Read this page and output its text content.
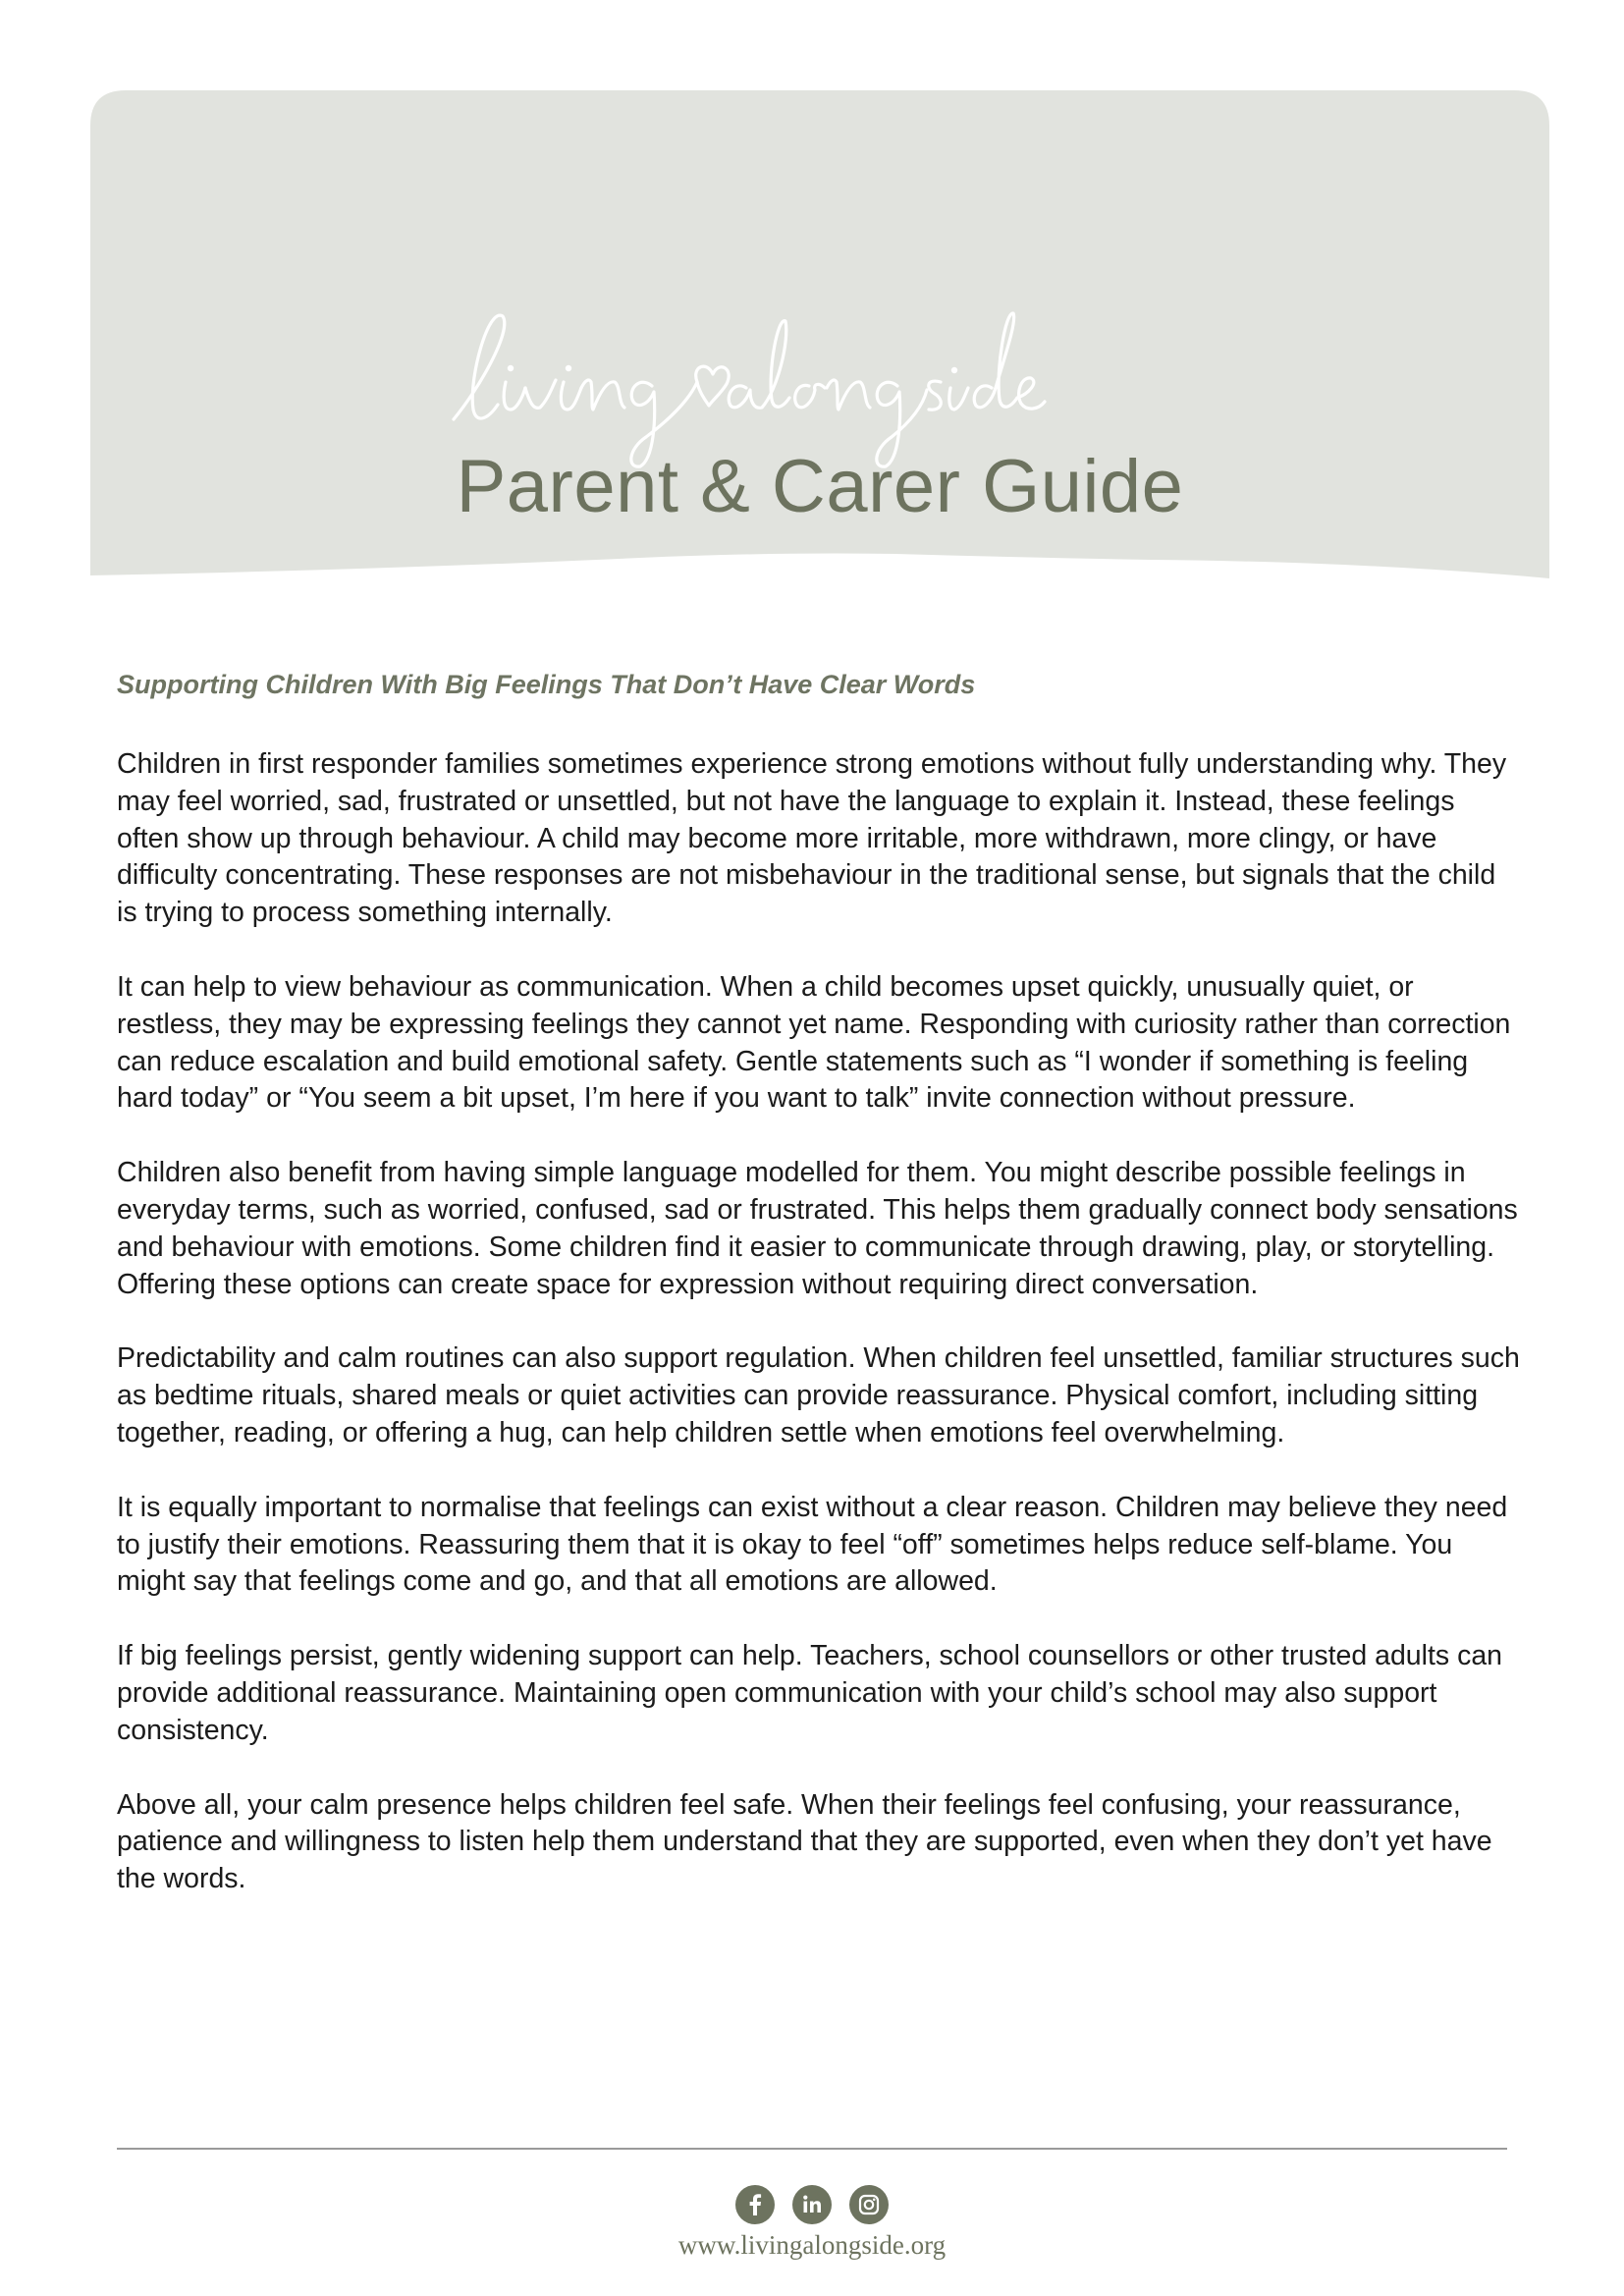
Parent & Carer Guide

Supporting Children With Big Feelings That Don’t Have Clear Words

Children in first responder families sometimes experience strong emotions without fully understanding why. They may feel worried, sad, frustrated or unsettled, but not have the language to explain it. Instead, these feelings often show up through behaviour. A child may become more irritable, more withdrawn, more clingy, or have difficulty concentrating. These responses are not misbehaviour in the traditional sense, but signals that the child is trying to process something internally.

It can help to view behaviour as communication. When a child becomes upset quickly, unusually quiet, or restless, they may be expressing feelings they cannot yet name. Responding with curiosity rather than correction can reduce escalation and build emotional safety. Gentle statements such as “I wonder if something is feeling hard today” or “You seem a bit upset, I’m here if you want to talk” invite connection without pressure.

Children also benefit from having simple language modelled for them. You might describe possible feelings in everyday terms, such as worried, confused, sad or frustrated. This helps them gradually connect body sensations and behaviour with emotions. Some children find it easier to communicate through drawing, play, or storytelling. Offering these options can create space for expression without requiring direct conversation.

Predictability and calm routines can also support regulation. When children feel unsettled, familiar structures such as bedtime rituals, shared meals or quiet activities can provide reassurance. Physical comfort, including sitting together, reading, or offering a hug, can help children settle when emotions feel overwhelming.

It is equally important to normalise that feelings can exist without a clear reason. Children may believe they need to justify their emotions. Reassuring them that it is okay to feel “off” sometimes helps reduce self-blame. You might say that feelings come and go, and that all emotions are allowed.

If big feelings persist, gently widening support can help. Teachers, school counsellors or other trusted adults can provide additional reassurance. Maintaining open communication with your child’s school may also support consistency.

Above all, your calm presence helps children feel safe. When their feelings feel confusing, your reassurance, patience and willingness to listen help them understand that they are supported, even when they don’t yet have the words.

www.livingalongside.org
